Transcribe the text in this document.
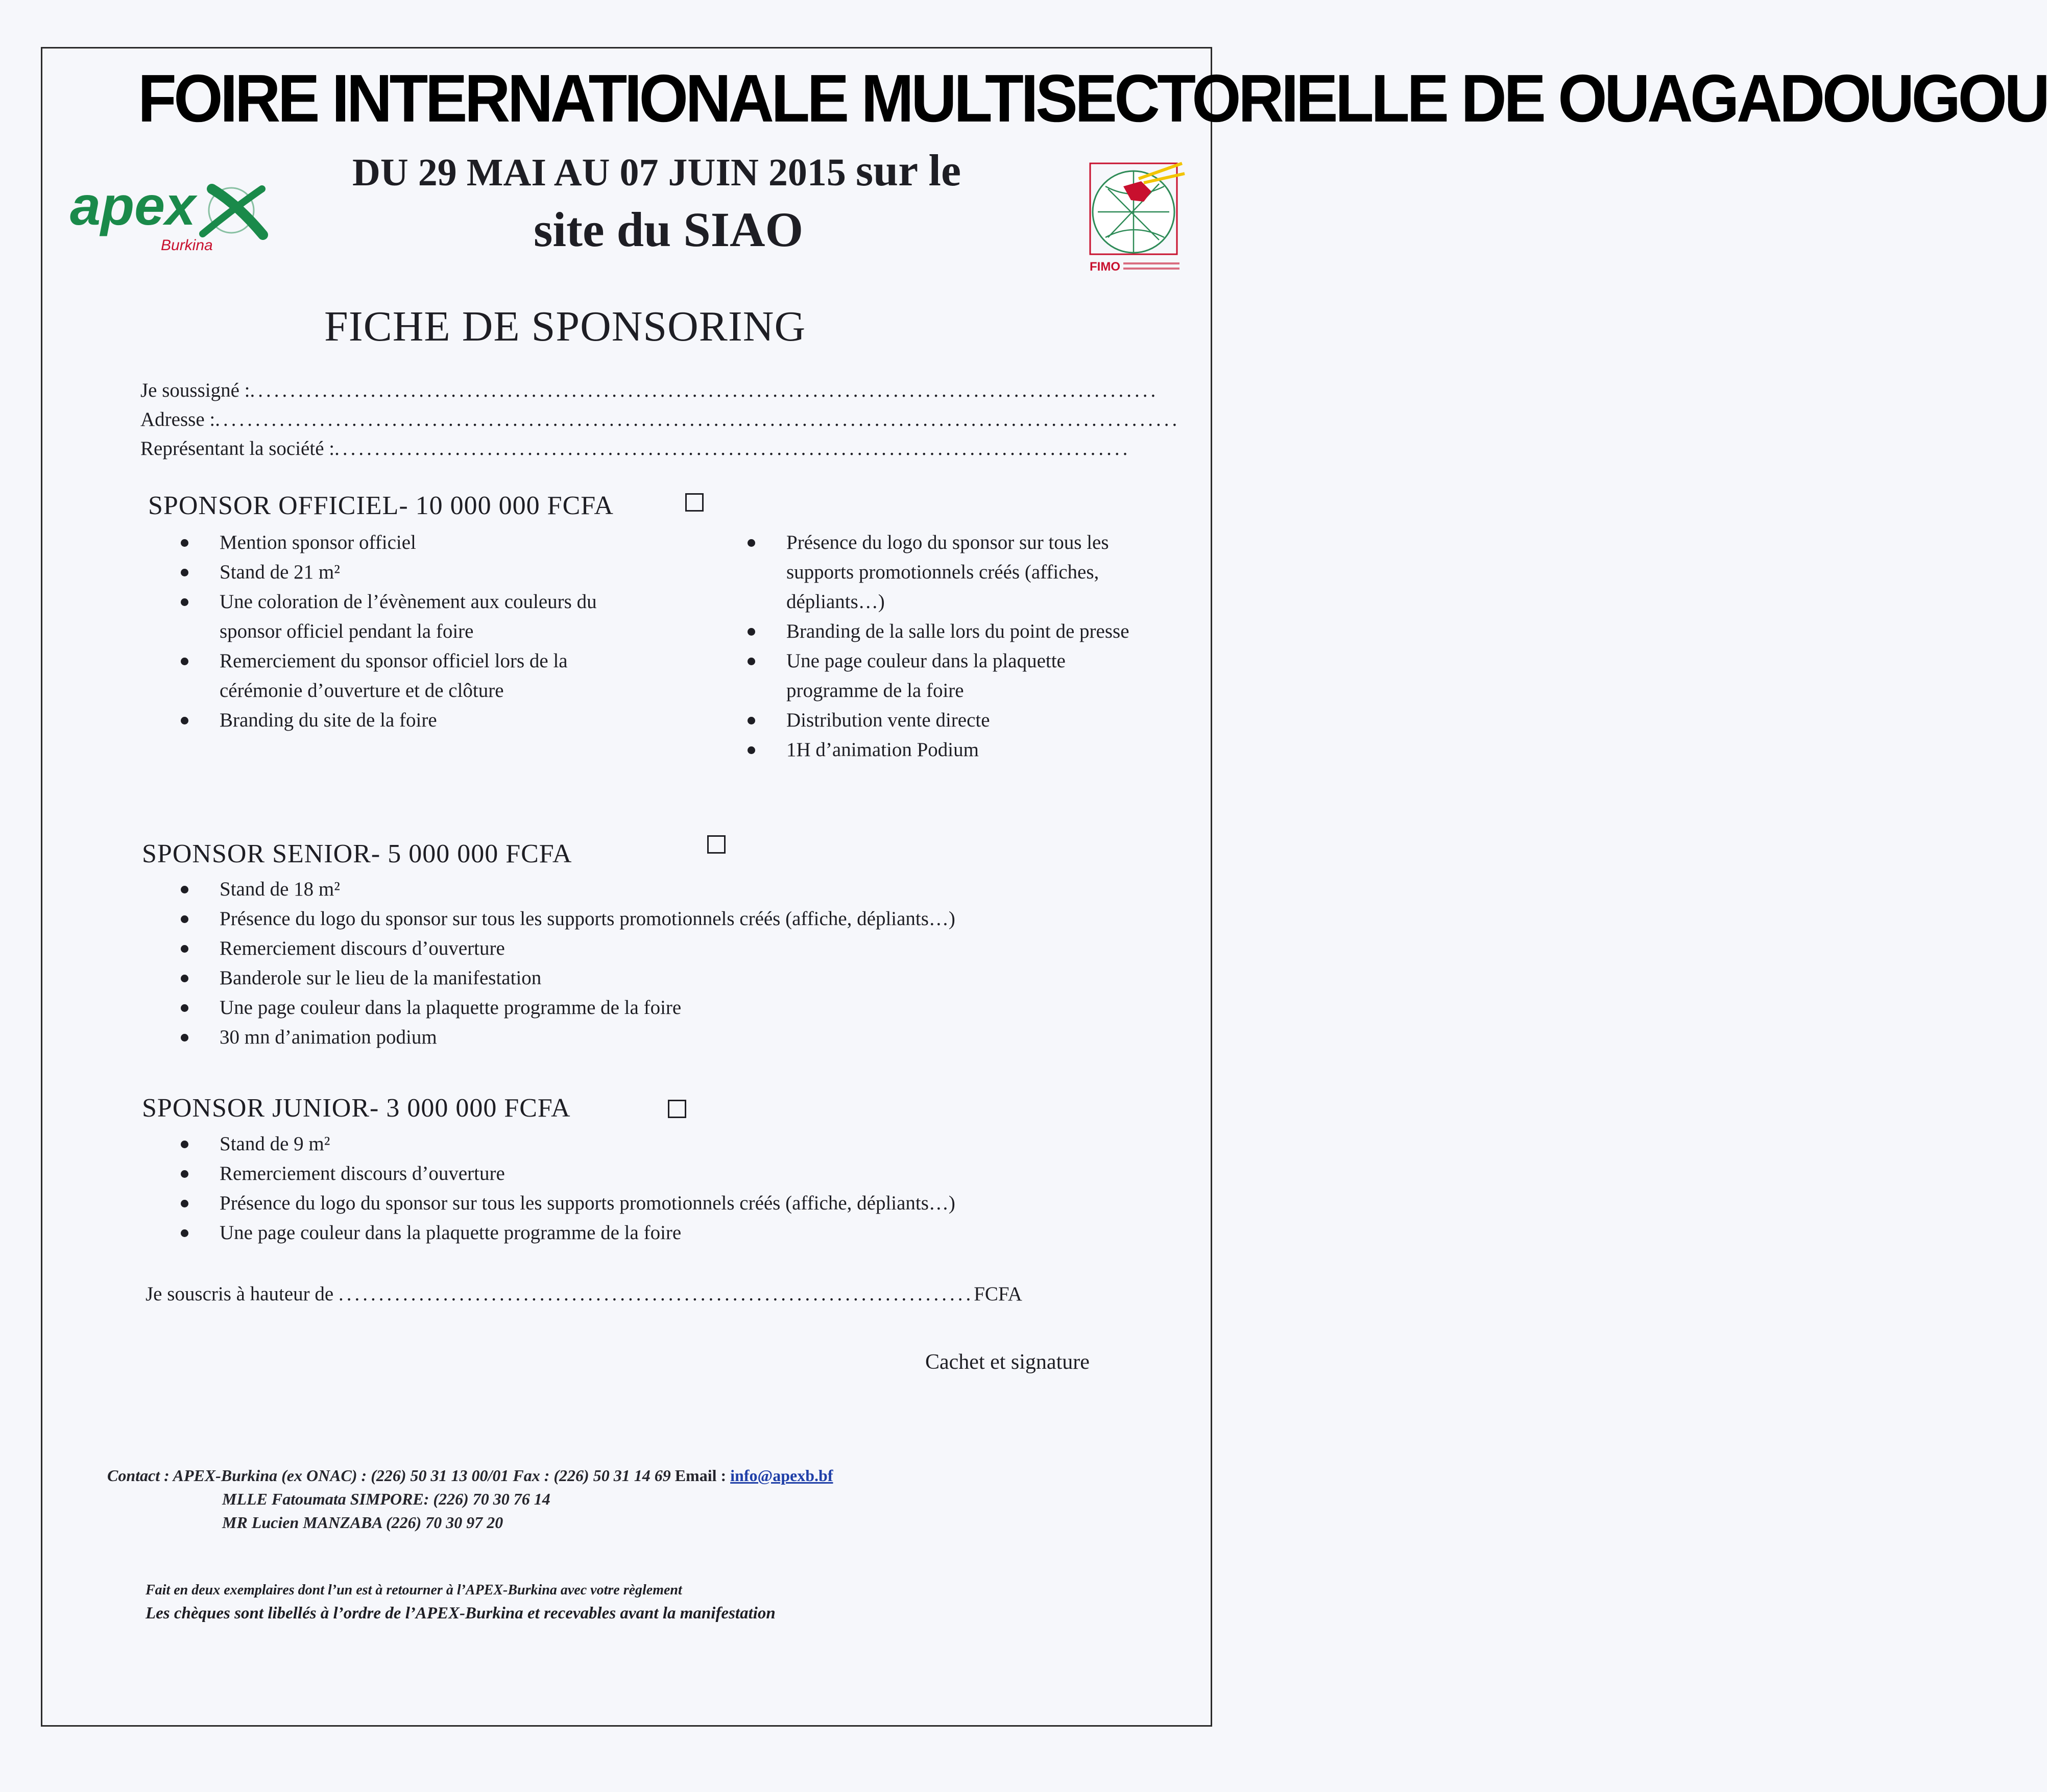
FOIRE INTERNATIONALE MULTISECTORIELLE DE OUAGADOUGOU
DU 29 MAI AU 07 JUIN 2015 sur le
site du SIAO
apex
Burkina
FIMO
FICHE DE SPONSORING
Je soussigné :.................................................................................................................
Adresse :........................................................................................................................
Représentant la société :...................................................................................................
SPONSOR OFFICIEL- 10 000 000 FCFA
Mention sponsor officiel
Stand de 21 m²
Une coloration de l’évènement aux couleurs du sponsor officiel pendant la foire
Remerciement du sponsor officiel lors de la cérémonie d’ouverture et de clôture
Branding du site de la foire
Présence du logo du sponsor sur tous les supports promotionnels créés (affiches, dépliants…)
Branding de la salle lors du point de presse
Une page couleur dans la plaquette programme de la foire
Distribution vente directe
1H d’animation Podium
SPONSOR SENIOR- 5 000 000 FCFA
Stand de 18 m²
Présence du logo du sponsor sur tous les supports promotionnels créés (affiche, dépliants…)
Remerciement discours d’ouverture
Banderole sur le lieu de la manifestation
Une page couleur dans la plaquette programme de la foire
30 mn d’animation podium
SPONSOR JUNIOR- 3 000 000 FCFA
Stand de 9 m²
Remerciement discours d’ouverture
Présence du logo du sponsor sur tous les supports promotionnels créés (affiche, dépliants…)
Une page couleur dans la plaquette programme de la foire
Je souscris à hauteur de ...............................................................................FCFA
Cachet et signature
Contact : APEX-Burkina (ex ONAC) : (226) 50 31 13 00/01 Fax : (226) 50 31 14 69 Email : info@apexb.bf
MLLE Fatoumata SIMPORE: (226) 70 30 76 14
MR Lucien MANZABA (226) 70 30 97 20
Fait en deux exemplaires dont l’un est à retourner à l’APEX-Burkina avec votre règlement
Les chèques sont libellés à l’ordre de l’APEX-Burkina et recevables avant la manifestation
